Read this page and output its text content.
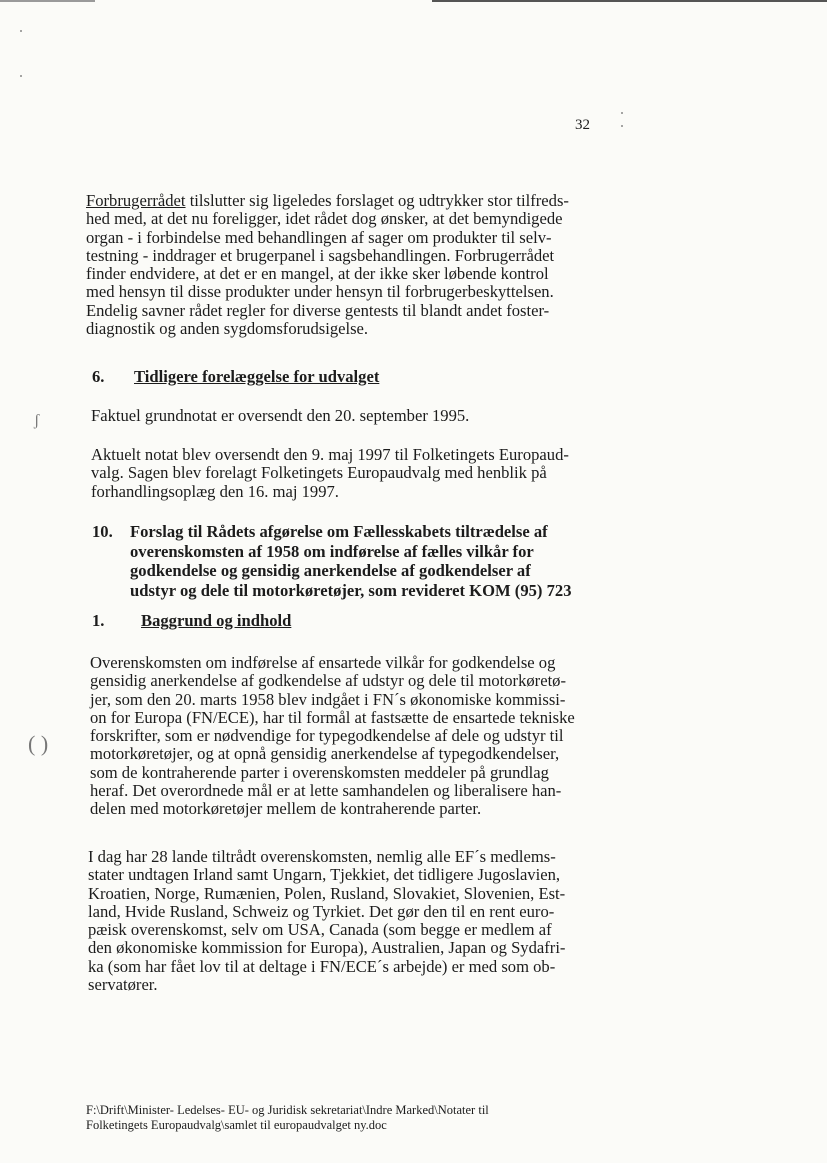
ʃ
( )
32
Forbrugerrådet tilslutter sig ligeledes forslaget og udtrykker stor tilfreds-
hed med, at det nu foreligger, idet rådet dog ønsker, at det bemyndigede
organ - i forbindelse med behandlingen af sager om produkter til selv-
testning - inddrager et brugerpanel i sagsbehandlingen. Forbrugerrådet
finder endvidere, at det er en mangel, at der ikke sker løbende kontrol
med hensyn til disse produkter under hensyn til forbrugerbeskyttelsen.
Endelig savner rådet regler for diverse gentests til blandt andet foster-
diagnostik og anden sygdomsforudsigelse.
6. Tidligere forelæggelse for udvalget
Faktuel grundnotat er oversendt den 20. september 1995.
Aktuelt notat blev oversendt den 9. maj 1997 til Folketingets Europaud-
valg. Sagen blev forelagt Folketingets Europaudvalg med henblik på
forhandlingsoplæg den 16. maj 1997.
10. Forslag til Rådets afgørelse om Fællesskabets tiltrædelse af
overenskomsten af 1958 om indførelse af fælles vilkår for
godkendelse og gensidig anerkendelse af godkendelser af
udstyr og dele til motorkøretøjer, som revideret KOM (95) 723
1. Baggrund og indhold
Overenskomsten om indførelse af ensartede vilkår for godkendelse og
gensidig anerkendelse af godkendelse af udstyr og dele til motorkøretø-
jer, som den 20. marts 1958 blev indgået i FN´s økonomiske kommissi-
on for Europa (FN/ECE), har til formål at fastsætte de ensartede tekniske
forskrifter, som er nødvendige for typegodkendelse af dele og udstyr til
motorkøretøjer, og at opnå gensidig anerkendelse af typegodkendelser,
som de kontraherende parter i overenskomsten meddeler på grundlag
heraf. Det overordnede mål er at lette samhandelen og liberalisere han-
delen med motorkøretøjer mellem de kontraherende parter.
I dag har 28 lande tiltrådt overenskomsten, nemlig alle EF´s medlems-
stater undtagen Irland samt Ungarn, Tjekkiet, det tidligere Jugoslavien,
Kroatien, Norge, Rumænien, Polen, Rusland, Slovakiet, Slovenien, Est-
land, Hvide Rusland, Schweiz og Tyrkiet. Det gør den til en rent euro-
pæisk overenskomst, selv om USA, Canada (som begge er medlem af
den økonomiske kommission for Europa), Australien, Japan og Sydafri-
ka (som har fået lov til at deltage i FN/ECE´s arbejde) er med som ob-
servatører.
F:\Drift\Minister- Ledelses- EU- og Juridisk sekretariat\Indre Marked\Notater til
Folketingets Europaudvalg\samlet til europaudvalget ny.doc
